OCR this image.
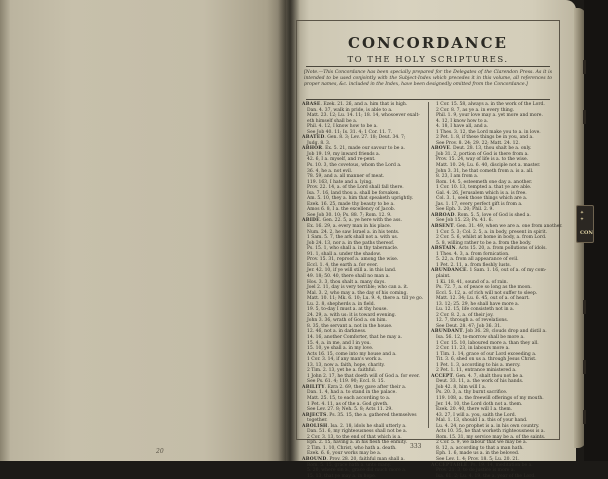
20
✦✦
CON
CONCORDANCE
TO THE HOLY SCRIPTURES.

[Note.—This Concordance has been specially prepared for the Delegates of the Clarendon Press. As it is intended to be used conjointly with the Subject-Index which precedes it in this volume, all references to proper names, &c. included in the Index, have been designedly omitted from the Concordance.]

ABASE. Ezek. 21. 26, and a. him that is high.
Dan. 4. 37, walk in pride, is able to a.
Matt. 23. 12; Lu. 14. 11; 18. 14, whosoever exalt-
eth himself shall be a.
Phil. 4. 12, I know how to be a.
See Job 40. 11; Is. 31. 4; 1 Cor. 11. 7.
ABATED. Gen. 8. 3; Lev. 27. 18; Deut. 34. 7;
Judg. 8. 3.
ABHOR. Ex. 5. 21, made our savour to be a.
Job 19. 19, my inward friends a.
42. 6, I a. myself, and re-pent.
Ps. 10. 3, the covetous, whom the Lord a.
36. 4, he a. not evil.
78. 59, and a. all manner of meat.
119. 163, I hate and a. lying.
Prov. 22. 14, a. of the Lord shall fall there.
Isa. 7. 16, land thou a. shall be forsaken.
Am. 5. 10, they a. him that speaketh uprightly.
Ezek. 16. 25, made thy beauty to be a.
Amos 6. 8, I a. the excellency of Jacob.
See Job 30. 10; Ps. 88. 7; Rom. 12. 9.
ABIDE. Gen. 22. 5, a. ye here with the ass.
Ex. 16. 29, a. every man in his place.
Num. 24. 2, he saw Israel a. in his tents.
1 Sam. 5. 7, the ark shall not a. with us.
Job 24. 13, nor a. in the paths thereof.
Ps. 15. 1, who shall a. in thy tabernacle.
91. 1, shall a. under the shadow.
Prov. 15. 31, reproof a. among the wise.
Eccl. 1. 4, the earth a. for ever.
Jer. 42. 10, if ye will still a. in this land.
49. 18; 50. 40, there shall no man a.
Hos. 3. 3, thou shalt a. many days.
Joel 2. 11, day is very terrible; who can a. it.
Mal. 3. 2, who may a. the day of his coming.
Matt. 10. 11; Mk. 6. 10; Lu. 9. 4, there a. till ye go.
Lu. 2. 8, shepherds a. in field.
19. 5, to-day I must a. at thy house.
24. 29, a. with us: it is toward evening.
John 3. 36, wrath of God a. on him.
8. 35, the servant a. not in the house.
12. 46, not a. in darkness.
14. 16, another Comforter, that he may a.
15. 4, a. in me, and I in you.
15. 10, ye shall a. in my love.
Acts 16. 15, come into my house and a.
1 Cor. 3. 14, if any man's work a.
13. 13, now a. faith, hope, charity.
2 Tim. 2. 13, yet he a. faithful.
1 John 2. 17, he that doeth will of God a. for ever.
See Ps. 61. 4; 119. 90; Eccl. 8. 15.
ABILITY. Ezra 2. 69, they gave after their a.
Dan. 1. 4, had a. to stand in the palace.
Matt. 25. 15, to each according to a.
1 Pet. 4. 11, as of the a. God giveth.
See Lev. 27. 8; Neh. 5. 8; Acts 11. 29.
ABJECTS. Ps. 35. 15, the a. gathered themselves
together.
ABOLISH. Isa. 2. 18, idols he shall utterly a.
Dan. 51. 6, my righteousness shall not be a.
2 Cor. 3. 13, to the end of that which is a.
Eph. 2. 15, having a. in his flesh the enmity.
2 Tim. 1. 10, Christ, who hath a. death.
Ezek. 6. 6, your works may be a.
ABOUND. Prov. 28. 20, faithful man shall a.
Rom. 5. 15, grace hath a. unto many.
5. 20, where sin a., grace did much more a.
15. 13, that ye may a. in hope.
1 Cor. 15. 58, always a. in the work of the Lord.
2 Cor. 8. 7, as ye a. in every thing.
Phil. 1. 9, your love may a. yet more and more.
4. 12, I know how to a.
4. 18, I have all, and a.
1 Thes. 3. 12, the Lord make you to a. in love.
2 Pet. 1. 8, if these things be in you, and a.
See Prov. 8. 24; 29. 22; Matt. 24. 12.
ABOVE. Deut. 28. 13, thou shalt be a. only.
Job 31. 2, portion of God is there from a.
Prov. 15. 24, way of life is a. to the wise.
Matt. 10. 24; Lu. 6. 40, disciple not a. master.
John 3. 31, he that cometh from a. is a. all.
8. 23, I am from a.
Rom. 14. 5, esteemeth one day a. another.
1 Cor. 10. 13, tempted a. that ye are able.
Gal. 4. 26, Jerusalem which is a. is free.
Col. 3. 1, seek those things which are a.
Jas. 1. 17, every perfect gift is from a.
See Eph. 3. 20; Phil. 2. 9.
ABROAD. Rom. 5. 5, love of God is shed a.
See Job 15. 23; Ps. 41. 6.
ABSENT. Gen. 31. 49, when we are a. one from another.
1 Cor. 5. 3; Col. 2. 5, a. in body, present in spirit.
2 Cor. 5. 6, whilst at home in body, a. from Lord.
5. 8, willing rather to be a. from the body.
ABSTAIN. Acts 15. 20, a. from pollutions of idols.
1 Thes. 4. 3, a. from fornication.
5. 22, a. from all appearance of evil.
1 Pet. 2. 11, a. from fleshly lusts.
ABUNDANCE. 1 Sam. 1. 16, out of a. of my com-
plaint.
1 Ki. 18. 41, sound of a. of rain.
Ps. 72. 7, a. of peace so long as the moon.
Eccl. 5. 12, a. of rich will not suffer to sleep.
Matt. 12. 34; Lu. 6. 45, out of a. of heart.
13. 12; 25. 29, he shall have more a.
Lu. 12. 15, life consisteth not in a.
2 Cor. 8. 2, a. of their joy.
12. 7, through a. of revelations.
See Deut. 28. 47; Job 36. 31.
ABUNDANT. Job 36. 28, clouds drop and distil a.
Isa. 56. 12, to-morrow shall be more a.
1 Cor. 15. 10, laboured more a. than they all.
2 Cor. 11. 23, in labours more a.
1 Tim. 1. 14, grace of our Lord exceeding a.
Tit. 3. 6, shed on us a. through Jesus Christ.
1 Pet. 1. 3, according to his a. mercy.
2 Pet. 1. 11, entrance ministered a.
ACCEPT. Gen. 4. 7, shalt thou not be a.
Deut. 33. 11, a. the work of his hands.
Job 42. 8, him will I a.
Ps. 20. 3, a. thy burnt sacrifice.
119. 108, a. the freewill offerings of my mouth.
Jer. 14. 10, the Lord doth not a. them.
Ezek. 20. 40, there will I a. them.
43. 27, I will a. you, saith the Lord.
Mal. 1. 13, should I a. this of your hand.
Lu. 4. 24, no prophet is a. in his own country.
Acts 10. 35, he that worketh righteousness is a.
Rom. 15. 31, my service may be a. of the saints.
2 Cor. 5. 9, we labour that we may be a.
8. 12, a. according to that a man hath.
Eph. 1. 6, made us a. in the beloved.
See Lev. 1. 4; Prov. 18. 5; Lu. 20. 21.
ACCEPTABLE. Ps. 19. 14, meditation be a.
Prov. 21. 3, to do justice is more a.
Isa. 61. 2; Lu. 4. 19, the a. year of the Lord.
333
